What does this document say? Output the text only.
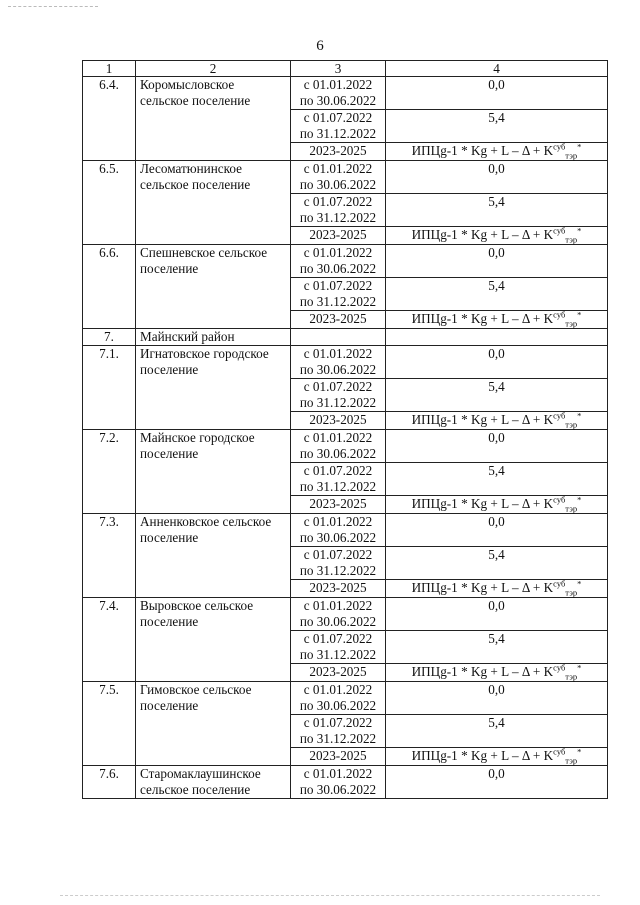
6
1	2	3	4
6.4.	Коромысловское сельское поселение	с 01.01.2022
по 30.06.2022	0,0

		с 01.07.2022
по 31.12.2022	5,4
		2023-2025	ИПЦg-1 * $Kg + L - \Delta + K^{суб}_{тэр}^*$
6.5.	Лесоматюнинское сельское поселение	с 01.01.2022
по 30.06.2022	0,0

		с 01.07.2022
по 31.12.2022	5,4
		2023-2025	ИПЦg-1 * $Kg + L - \Delta + K^{суб}_{тэр}^*$
6.6.	Спешневское сельское поселение	с 01.01.2022
по 30.06.2022	0,0

		с 01.07.2022
по 31.12.2022	5,4
		2023-2025	ИПЦg-1 * $Kg + L - \Delta + K^{суб}_{тэр}^*$
7.	Майнский район		
7.1.	Игнатовское городское поселение	с 01.01.2022
по 30.06.2022	0,0

		с 01.07.2022
по 31.12.2022	5,4
		2023-2025	ИПЦg-1 * $Kg + L - \Delta + K^{суб}_{тэр}^*$
7.2.	Майнское городское поселение	с 01.01.2022
по 30.06.2022	0,0

		с 01.07.2022
по 31.12.2022	5,4
		2023-2025	ИПЦg-1 * $Kg + L - \Delta + K^{суб}_{тэр}^*$
7.3.	Анненковское сельское поселение	с 01.01.2022
по 30.06.2022	0,0

		с 01.07.2022
по 31.12.2022	5,4
		2023-2025	ИПЦg-1 * $Kg + L - \Delta + K^{суб}_{тэр}^*$
7.4.	Выровское сельское поселение	с 01.01.2022
по 30.06.2022	0,0

		с 01.07.2022
по 31.12.2022	5,4
		2023-2025	ИПЦg-1 * $Kg + L - \Delta + K^{суб}_{тэр}^*$
7.5.	Гимовское сельское поселение	с 01.01.2022
по 30.06.2022	0,0

		с 01.07.2022
по 31.12.2022	5,4
		2023-2025	ИПЦg-1 * $Kg + L - \Delta + K^{суб}_{тэр}^*$
7.6.	Старомаклаушинское сельское поселение	с 01.01.2022
по 30.06.2022	0,0
